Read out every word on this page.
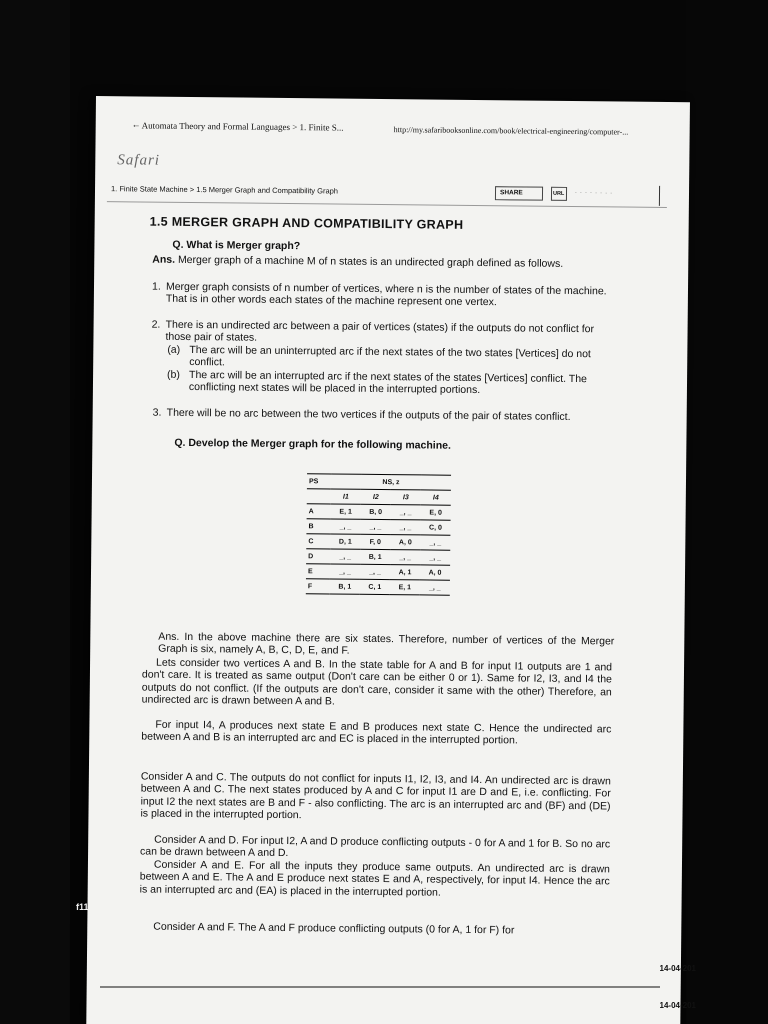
← Automata Theory and Formal Languages > 1. Finite S...	http://my.safaribooksonline.com/book/electrical-engineering/computer-...
Safari
1. Finite State Machine > 1.5 Merger Graph and Compatibility Graph	SHARE	URL	- - - - - - - -
1.5 MERGER GRAPH AND COMPATIBILITY GRAPH
Q. What is Merger graph?
Ans. Merger graph of a machine M of n states is an undirected graph defined as follows.
1. Merger graph consists of n number of vertices, where n is the number of states of the machine. That is in other words each states of the machine represent one vertex.
2. There is an undirected arc between a pair of vertices (states) if the outputs do not conflict for those pair of states.
(a) The arc will be an uninterrupted arc if the next states of the two states [Vertices] do not conflict.
(b) The arc will be an interrupted arc if the next states of the states [Vertices] conflict. The conflicting next states will be placed in the interrupted portions.
3. There will be no arc between the two vertices if the outputs of the pair of states conflict.
Q. Develop the Merger graph for the following machine.
PS	NS, z			
	I1	I2	I3	I4
A	E, 1	B, 0	_, _	E, 0
B	_, _	_, _	_, _	C, 0
C	D, 1	F, 0	A, 0	_, _
D	_, _	B, 1	_, _	_, _
E	_, _	_, _	A, 1	A, 0
F	B, 1	C, 1	E, 1	_, _
Ans. In the above machine there are six states. Therefore, number of vertices of the Merger Graph is six, namely A, B, C, D, E, and F.
Lets consider two vertices A and B. In the state table for A and B for input I1 outputs are 1 and don't care. It is treated as same output (Don't care can be either 0 or 1). Same for I2, I3, and I4 the outputs do not conflict. (If the outputs are don't care, consider it same with the other) Therefore, an undirected arc is drawn between A and B.
For input I4, A produces next state E and B produces next state C. Hence the undirected arc between A and B is an interrupted arc and EC is placed in the interrupted portion.
Consider A and C. The outputs do not conflict for inputs I1, I2, I3, and I4. An undirected arc is drawn between A and C. The next states produced by A and C for input I1 are D and E, i.e. conflicting. For input I2 the next states are B and F - also conflicting. The arc is an interrupted arc and (BF) and (DE) is placed in the interrupted portion.
Consider A and D. For input I2, A and D produce conflicting outputs - 0 for A and 1 for B. So no arc can be drawn between A and D.
Consider A and E. For all the inputs they produce same outputs. An undirected arc is drawn between A and E. The A and E produce next states E and A, respectively, for input I4. Hence the arc is an interrupted arc and (EA) is placed in the interrupted portion.
Consider A and F. The A and F produce conflicting outputs (0 for A, 1 for F) for
f11
14-04-201
14-04-201
